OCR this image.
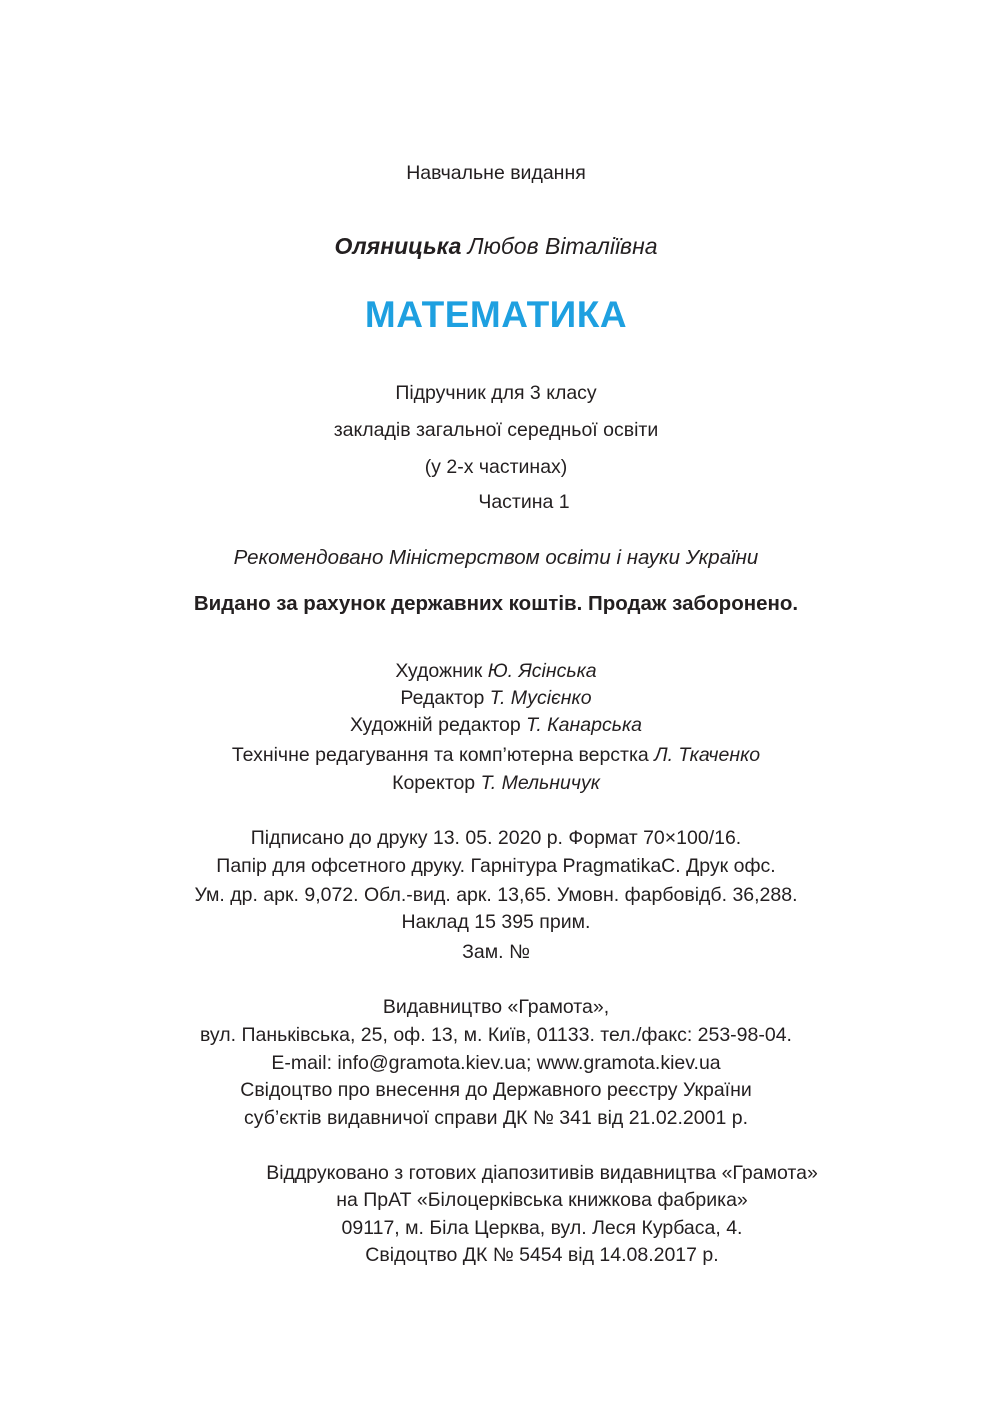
Навчальне видання
Оляницька Любов Віталіївна
МАТЕМАТИКА
Підручник для 3 класу
закладів загальної середньої освіти
(у 2-х частинах)
Частина 1
Рекомендовано Міністерством освіти і науки України
Видано за рахунок державних коштів. Продаж заборонено.
Художник Ю. Ясінська
Редактор Т. Мусієнко
Художній редактор Т. Канарська
Технічне редагування та комп’ютерна верстка Л. Ткаченко
Коректор Т. Мельничук
Підписано до друку 13. 05. 2020 р. Формат 70×100/16.
Папір для офсетного друку. Гарнітура PragmatikaC. Друк офс.
Ум. др. арк. 9,072. Обл.-вид. арк. 13,65. Умовн. фарбовідб. 36,288.
Наклад 15 395 прим.
Зам. №
Видавництво «Грамота»,
вул. Паньківська, 25, оф. 13, м. Київ, 01133. тел./факс: 253-98-04.
E-mail: info@gramota.kiev.ua; www.gramota.kiev.ua
Свідоцтво про внесення до Державного реєстру України
суб’єктів видавничої справи ДК № 341 від 21.02.2001 р.
Віддруковано з готових діапозитивів видавництва «Грамота»
на ПрАТ «Білоцерківська книжкова фабрика»
09117, м. Біла Церква, вул. Леся Курбаса, 4.
Свідоцтво ДК № 5454 від 14.08.2017 р.
